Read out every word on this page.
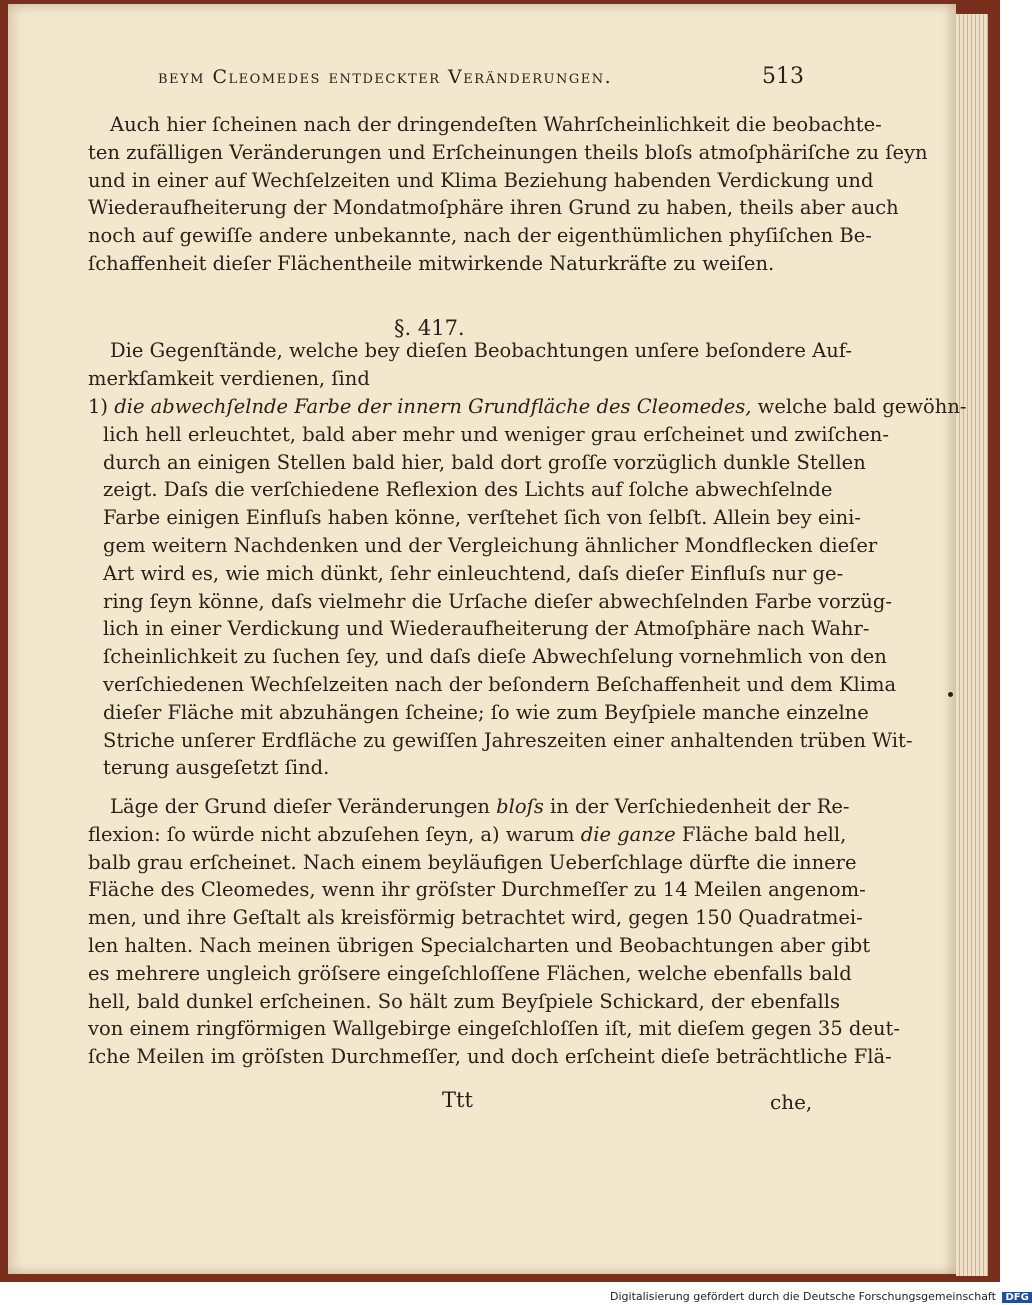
beym Cleomedes entdeckter Veränderungen.	513
Auch hier ſcheinen nach der dringendeſten Wahrſcheinlichkeit die beobachte-
ten zufälligen Veränderungen und Erſcheinungen theils bloſs atmoſphäriſche zu ſeyn
und in einer auf Wechſelzeiten und Klima Beziehung habenden Verdickung und
Wiederaufheiterung der Mondatmoſphäre ihren Grund zu haben, theils aber auch
noch auf gewiſſe andere unbekannte, nach der eigenthümlichen phyſiſchen Be-
ſchaffenheit dieſer Flächentheile mitwirkende Naturkräfte zu weiſen.
§. 417.
Die Gegenſtände, welche bey dieſen Beobachtungen unſere beſondere Auf-
merkſamkeit verdienen, ſind
1) die abwechſelnde Farbe der innern Grundfläche des Cleomedes, welche bald gewöhn-
lich hell erleuchtet, bald aber mehr und weniger grau erſcheinet und zwiſchen-
durch an einigen Stellen bald hier, bald dort groſſe vorzüglich dunkle Stellen
zeigt. Daſs die verſchiedene Reflexion des Lichts auf ſolche abwechſelnde
Farbe einigen Einfluſs haben könne, verſtehet ſich von ſelbſt. Allein bey eini-
gem weitern Nachdenken und der Vergleichung ähnlicher Mondflecken dieſer
Art wird es, wie mich dünkt, ſehr einleuchtend, daſs dieſer Einfluſs nur ge-
ring ſeyn könne, daſs vielmehr die Urſache dieſer abwechſelnden Farbe vorzüg-
lich in einer Verdickung und Wiederaufheiterung der Atmoſphäre nach Wahr-
ſcheinlichkeit zu ſuchen ſey, und daſs dieſe Abwechſelung vornehmlich von den
verſchiedenen Wechſelzeiten nach der beſondern Beſchaffenheit und dem Klima
dieſer Fläche mit abzuhängen ſcheine; ſo wie zum Beyſpiele manche einzelne
Striche unſerer Erdfläche zu gewiſſen Jahreszeiten einer anhaltenden trüben Wit-
terung ausgeſetzt ſind.
Läge der Grund dieſer Veränderungen bloſs in der Verſchiedenheit der Re-
flexion: ſo würde nicht abzuſehen ſeyn, a) warum die ganze Fläche bald hell,
balb grau erſcheinet. Nach einem beyläufigen Ueberſchlage dürfte die innere
Fläche des Cleomedes, wenn ihr gröſster Durchmeſſer zu 14 Meilen angenom-
men, und ihre Geſtalt als kreisförmig betrachtet wird, gegen 150 Quadratmei-
len halten. Nach meinen übrigen Specialcharten und Beobachtungen aber gibt
es mehrere ungleich gröſsere eingeſchloſſene Flächen, welche ebenfalls bald
hell, bald dunkel erſcheinen. So hält zum Beyſpiele Schickard, der ebenfalls
von einem ringförmigen Wallgebirge eingeſchloſſen iſt, mit dieſem gegen 35 deut-
ſche Meilen im gröſsten Durchmeſſer, und doch erſcheint dieſe beträchtliche Flä-
Ttt	che,
Digitalisierung gefördert durch die Deutsche Forschungsgemeinschaft DFG
